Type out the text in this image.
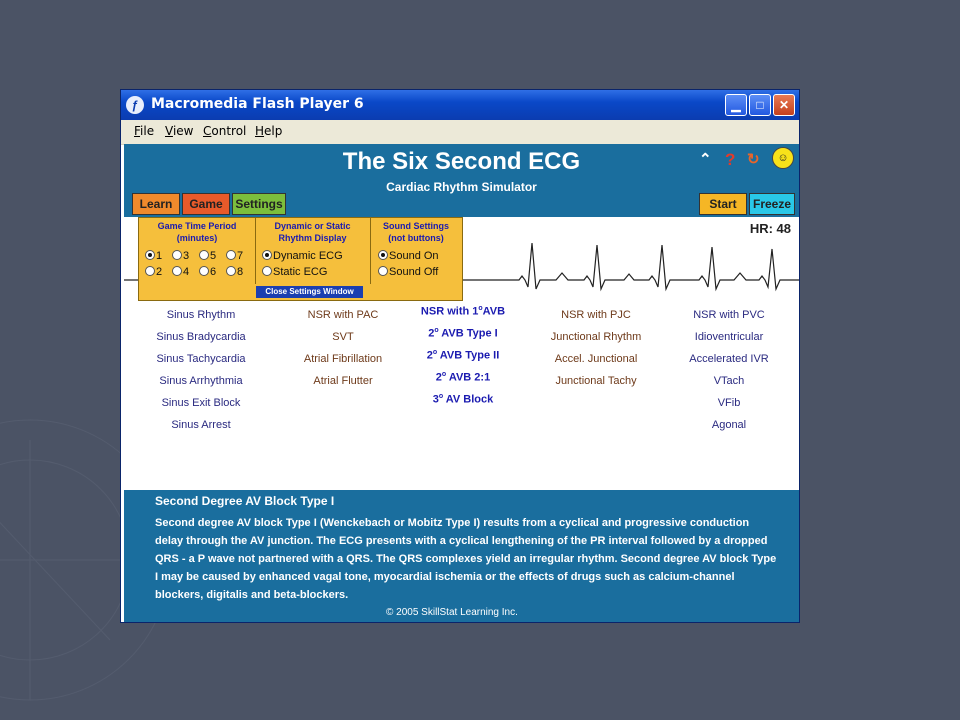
ƒ Macromedia Flash Player 6	▁	□	✕
File View Control Help
The Six Second ECG
Cardiac Rhythm Simulator
⌃ ? ↻	☺
Learn	Game	Settings	Start	Freeze
HR: 48
Sinus Rhythm
Sinus Bradycardia
Sinus Tachycardia
Sinus Arrhythmia
Sinus Exit Block
Sinus Arrest
NSR with PAC
SVT
Atrial Fibrillation
Atrial Flutter
NSR with 1$^o$AVB
2$^o$ AVB Type I
2$^o$ AVB Type II
2$^o$ AVB 2:1
3$^o$ AV Block
NSR with PJC
Junctional Rhythm
Accel. Junctional
Junctional Tachy
NSR with PVC
Idioventricular
Accelerated IVR
VTach
VFib
Agonal
Game Time Period
(minutes)
Dynamic or Static
Rhythm Display
Sound Settings
(not buttons)
1	3	5	7
2	4	6	8
Dynamic ECG
Static ECG
Sound On
Sound Off
Close Settings Window
Second Degree AV Block Type I
Second degree AV block Type I (Wenckebach or Mobitz Type I) results from a cyclical and progressive conduction delay through the AV junction. The ECG presents with a cyclical lengthening of the PR interval followed by a dropped QRS - a P wave not partnered with a QRS. The QRS complexes yield an irregular rhythm. Second degree AV block Type I may be caused by enhanced vagal tone, myocardial ischemia or the effects of drugs such as calcium-channel blockers, digitalis and beta-blockers.
© 2005 SkillStat Learning Inc.
